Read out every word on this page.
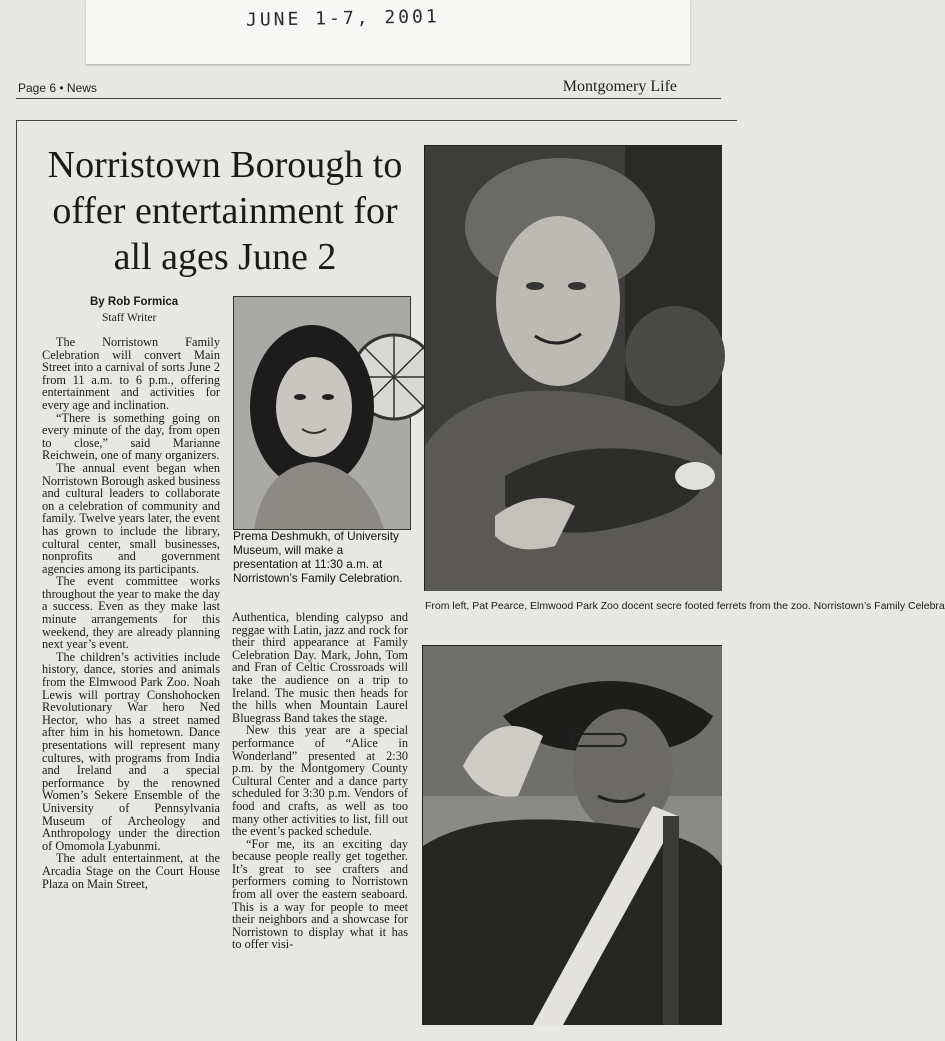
JUNE 1-7, 2001
Page 6 • News	Montgomery Life
Norristown Borough to offer entertainment for all ages June 2
By Rob Formica
Staff Writer

The Norristown Family Celebration will convert Main Street into a carnival of sorts June 2 from 11 a.m. to 6 p.m., offering entertainment and activities for every age and inclination.

“There is something going on every minute of the day, from open to close,” said Marianne Reichwein, one of many organizers.

The annual event began when Norristown Borough asked business and cultural leaders to collaborate on a celebration of community and family. Twelve years later, the event has grown to include the library, cultural center, small businesses, nonprofits and government agencies among its participants.

The event committee works throughout the year to make the day a success. Even as they make last minute arrangements for this weekend, they are already planning next year’s event.

The children’s activities include history, dance, stories and animals from the Elmwood Park Zoo. Noah Lewis will portray Conshohocken Revolutionary War hero Ned Hector, who has a street named after him in his hometown. Dance presentations will represent many cultures, with programs from India and Ireland and a special performance by the renowned Women’s Sekere Ensemble of the University of Pennsylvania Museum of Archeology and Anthropology under the direction of Omomola Lyabunmi.

The adult entertainment, at the Arcadia Stage on the Court House Plaza on Main Street,

Prema Deshmukh, of University Museum, will make a presentation at 11:30 a.m. at Norristown’s Family Celebration.

Authentica, blending calypso and reggae with Latin, jazz and rock for their third appearance at Family Celebration Day. Mark, John, Tom and Fran of Celtic Crossroads will take the audience on a trip to Ireland. The music then heads for the hills when Mountain Laurel Bluegrass Band takes the stage.

New this year are a special performance of “Alice in Wonderland” presented at 2:30 p.m. by the Montgomery County Cultural Center and a dance party scheduled for 3:30 p.m. Vendors of food and crafts, as well as too many other activities to list, fill out the event’s packed schedule.

“For me, its an exciting day because people really get together. It’s great to see crafters and performers coming to Norristown from all over the eastern seaboard. This is a way for people to meet their neighbors and a showcase for Norristown to display what it has to offer visi-

From left, Pat Pearce, Elmwood Park Zoo docent secre footed ferrets from the zoo. Norristown’s Family Celebra
